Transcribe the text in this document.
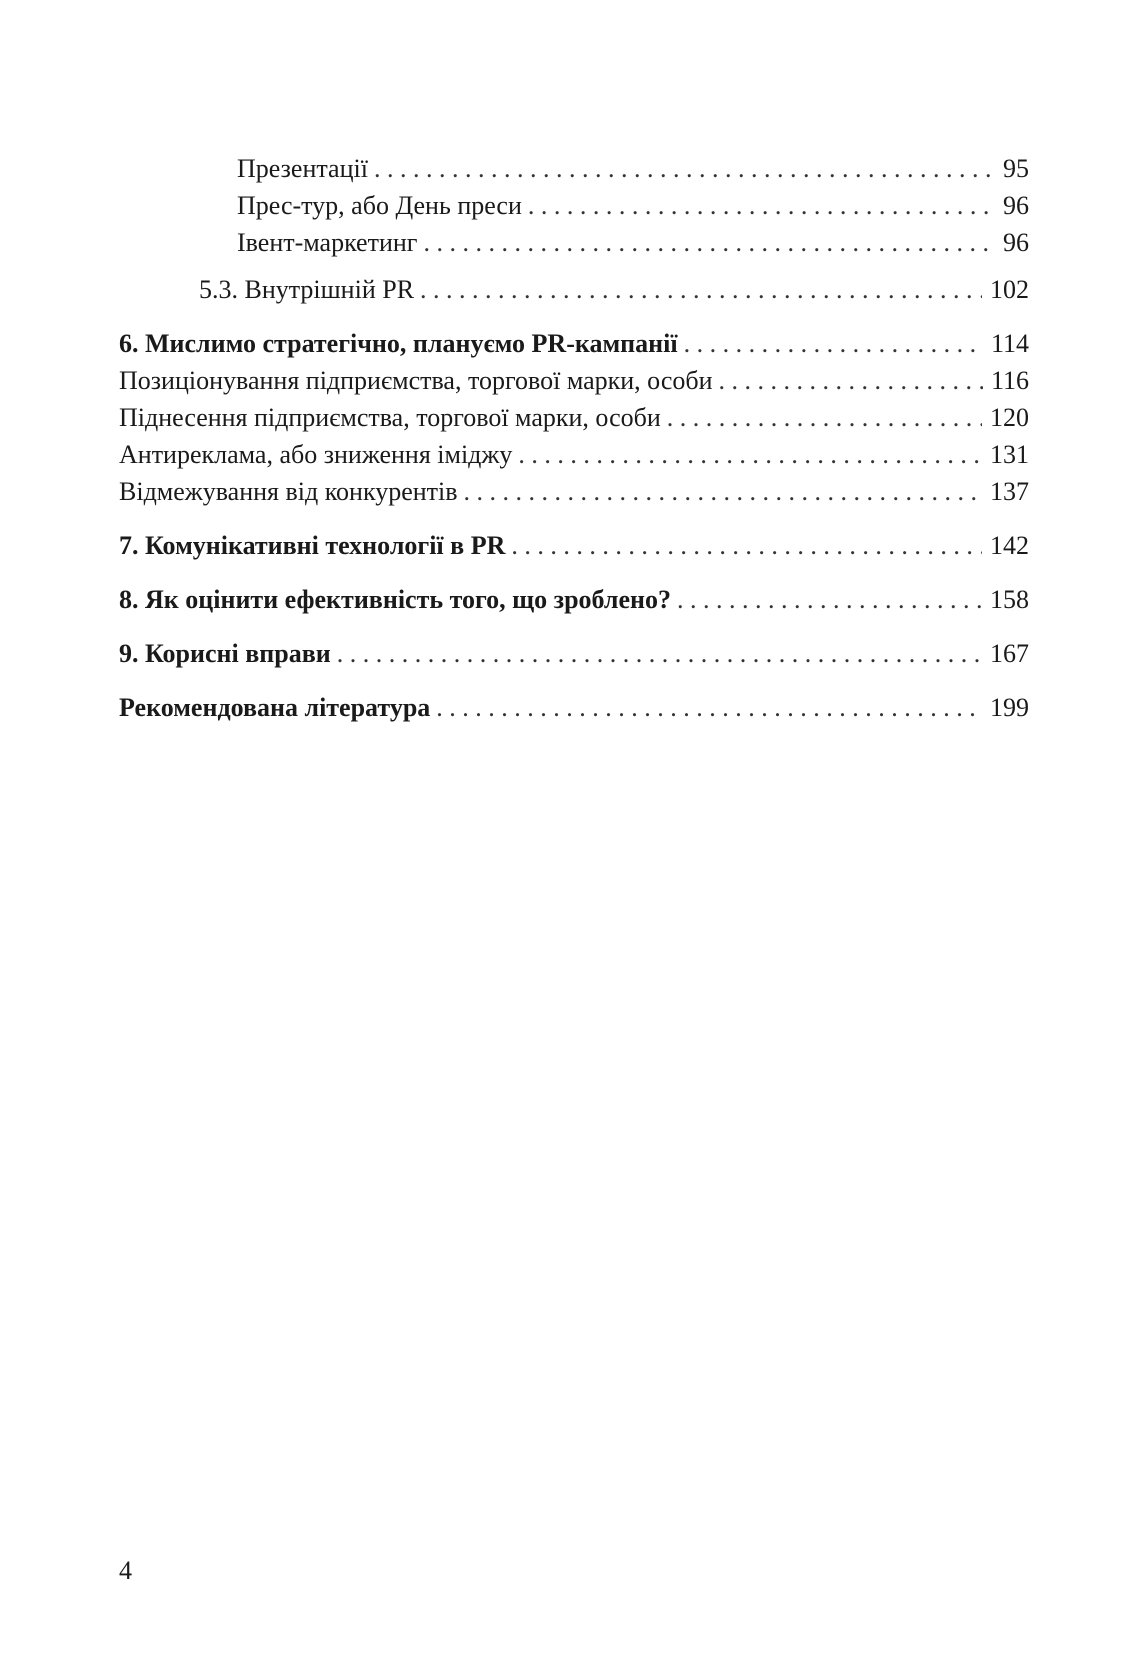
Презентації . . .	95
Прес-тур, або День преси . . .	96
Івент-маркетинг . . .	96
5.3. Внутрішній PR . . .	102
6. Мислимо стратегічно, плануємо PR-кампанії . . .	114
Позиціонування підприємства, торгової марки, особи . . .	116
Піднесення підприємства, торгової марки, особи . . .	120
Антиреклама, або зниження іміджу . . .	131
Відмежування від конкурентів . . .	137
7. Комунікативні технології в PR . . .	142
8. Як оцінити ефективність того, що зроблено? . . .	158
9. Корисні вправи . . .	167
Рекомендована література . . .	199
4
